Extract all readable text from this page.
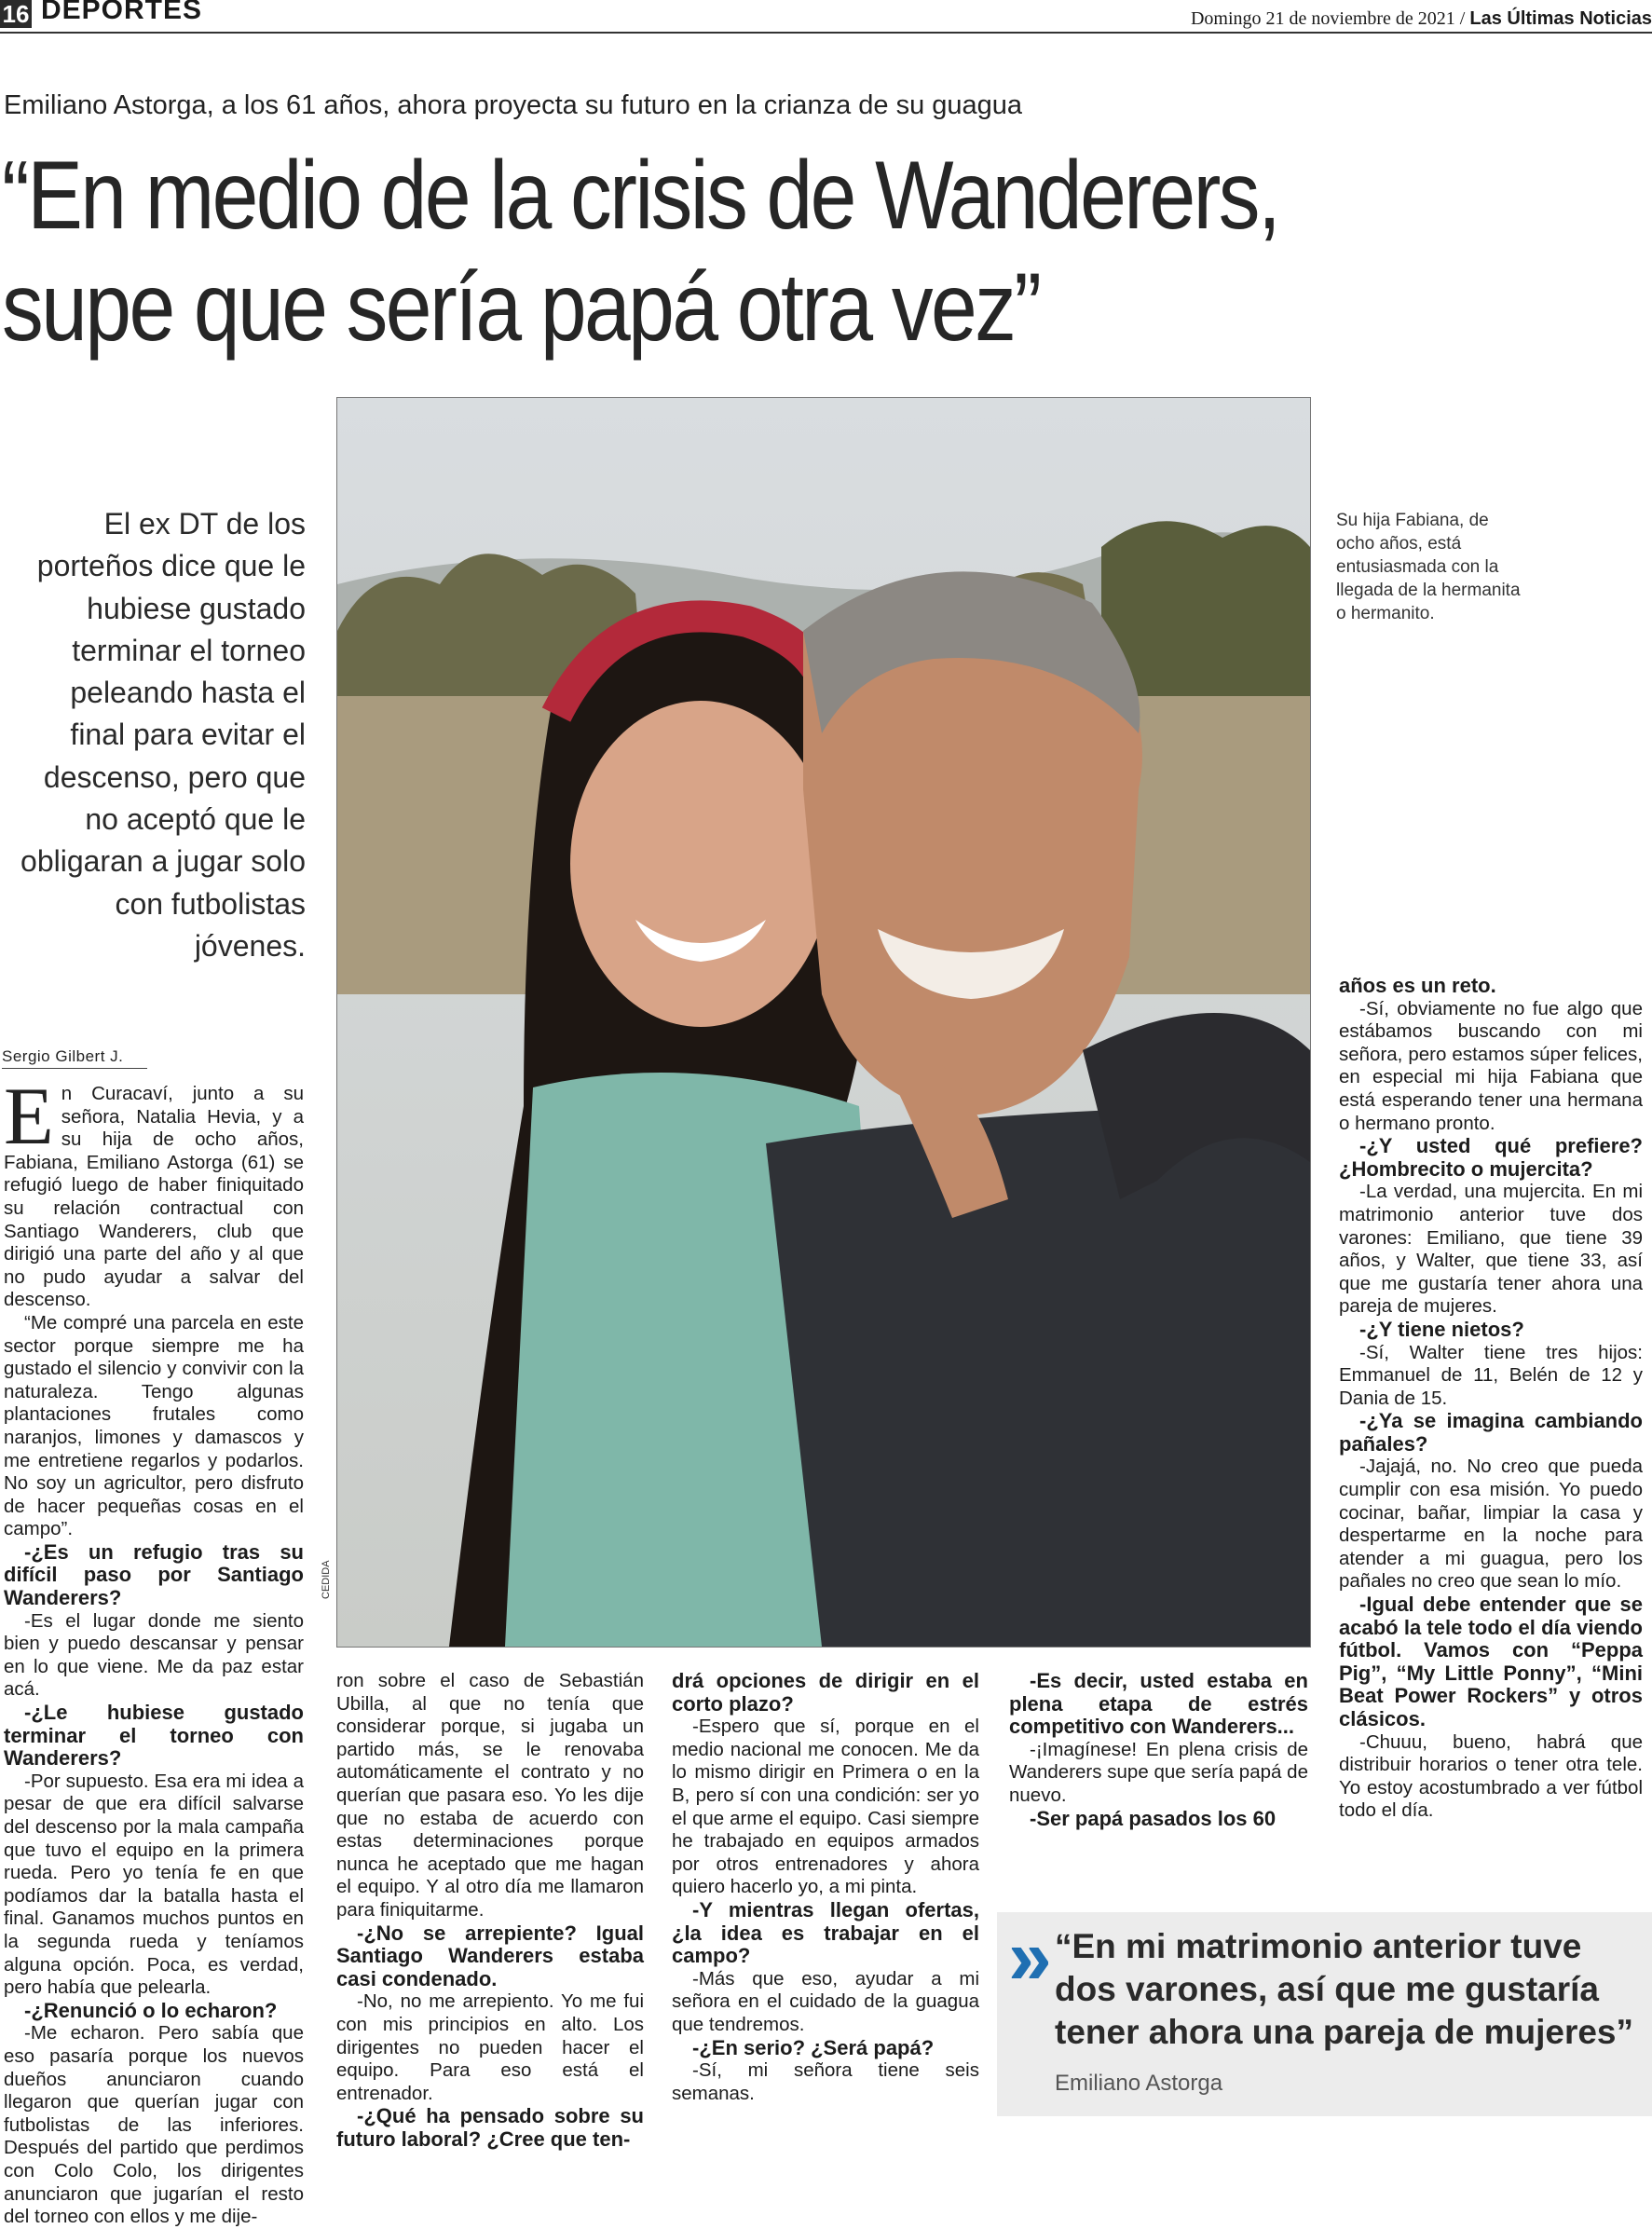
16 DEPORTES	Domingo 21 de noviembre de 2021 / Las Últimas Noticias
Emiliano Astorga, a los 61 años, ahora proyecta su futuro en la crianza de su guagua
“En medio de la crisis de Wanderers,
supe que sería papá otra vez”
El ex DT de los porteños dice que le hubiese gustado terminar el torneo peleando hasta el final para evitar el descenso, pero que no aceptó que le obligaran a jugar solo con futbolistas jóvenes.
CEDIDA
Su hija Fabiana, de ocho años, está entusiasmada con la llegada de la hermanita o hermanito.
Sergio Gilbert J.

En Curacaví, junto a su señora, Natalia Hevia, y a su hija de ocho años, Fabiana, Emiliano Astorga (61) se refugió luego de haber finiquitado su relación contractual con Santiago Wanderers, club que dirigió una parte del año y al que no pudo ayudar a salvar del descenso.

“Me compré una parcela en este sector porque siempre me ha gustado el silencio y convivir con la naturaleza. Tengo algunas plantaciones frutales como naranjos, limones y damascos y me entretiene regarlos y podarlos. No soy un agricultor, pero disfruto de hacer pequeñas cosas en el campo”.

-¿Es un refugio tras su difícil paso por Santiago Wanderers?

-Es el lugar donde me siento bien y puedo descansar y pensar en lo que viene. Me da paz estar acá.

-¿Le hubiese gustado terminar el torneo con Wanderers?

-Por supuesto. Esa era mi idea a pesar de que era difícil salvarse del descenso por la mala campaña que tuvo el equipo en la primera rueda. Pero yo tenía fe en que podíamos dar la batalla hasta el final. Ganamos muchos puntos en la segunda rueda y teníamos alguna opción. Poca, es verdad, pero había que pelearla.

-¿Renunció o lo echaron?

-Me echaron. Pero sabía que eso pasaría porque los nuevos dueños anunciaron cuando llegaron que querían jugar con futbolistas de las inferiores. Después del partido que perdimos con Colo Colo, los dirigentes anunciaron que jugarían el resto del torneo con ellos y me dije-

ron sobre el caso de Sebastián Ubilla, al que no tenía que considerar porque, si jugaba un partido más, se le renovaba automáticamente el contrato y no querían que pasara eso. Yo les dije que no estaba de acuerdo con estas determinaciones porque nunca he aceptado que me hagan el equipo. Y al otro día me llamaron para finiquitarme.

-¿No se arrepiente? Igual Santiago Wanderers estaba casi condenado.

-No, no me arrepiento. Yo me fui con mis principios en alto. Los dirigentes no pueden hacer el equipo. Para eso está el entrenador.

-¿Qué ha pensado sobre su futuro laboral? ¿Cree que ten-

drá opciones de dirigir en el corto plazo?

-Espero que sí, porque en el medio nacional me conocen. Me da lo mismo dirigir en Primera o en la B, pero sí con una condición: ser yo el que arme el equipo. Casi siempre he trabajado en equipos armados por otros entrenadores y ahora quiero hacerlo yo, a mi pinta.

-Y mientras llegan ofertas, ¿la idea es trabajar en el campo?

-Más que eso, ayudar a mi señora en el cuidado de la guagua que tendremos.

-¿En serio? ¿Será papá?

-Sí, mi señora tiene seis semanas.

-Es decir, usted estaba en plena etapa de estrés competitivo con Wanderers...

-¡Imagínese! En plena crisis de Wanderers supe que sería papá de nuevo.

-Ser papá pasados los 60

años es un reto.

-Sí, obviamente no fue algo que estábamos buscando con mi señora, pero estamos súper felices, en especial mi hija Fabiana que está esperando tener una hermana o hermano pronto.

-¿Y usted qué prefiere? ¿Hombrecito o mujercita?

-La verdad, una mujercita. En mi matrimonio anterior tuve dos varones: Emiliano, que tiene 39 años, y Walter, que tiene 33, así que me gustaría tener ahora una pareja de mujeres.

-¿Y tiene nietos?

-Sí, Walter tiene tres hijos: Emmanuel de 11, Belén de 12 y Dania de 15.

-¿Ya se imagina cambiando pañales?

-Jajajá, no. No creo que pueda cumplir con esa misión. Yo puedo cocinar, bañar, limpiar la casa y despertarme en la noche para atender a mi guagua, pero los pañales no creo que sean lo mío.

-Igual debe entender que se acabó la tele todo el día viendo fútbol. Vamos con “Peppa Pig”, “My Little Ponny”, “Mini Beat Power Rockers” y otros clásicos.

-Chuuu, bueno, habrá que distribuir horarios o tener otra tele. Yo estoy acostumbrado a ver fútbol todo el día.

» “En mi matrimonio anterior tuve dos varones, así que me gustaría tener ahora una pareja de mujeres”
Emiliano Astorga
